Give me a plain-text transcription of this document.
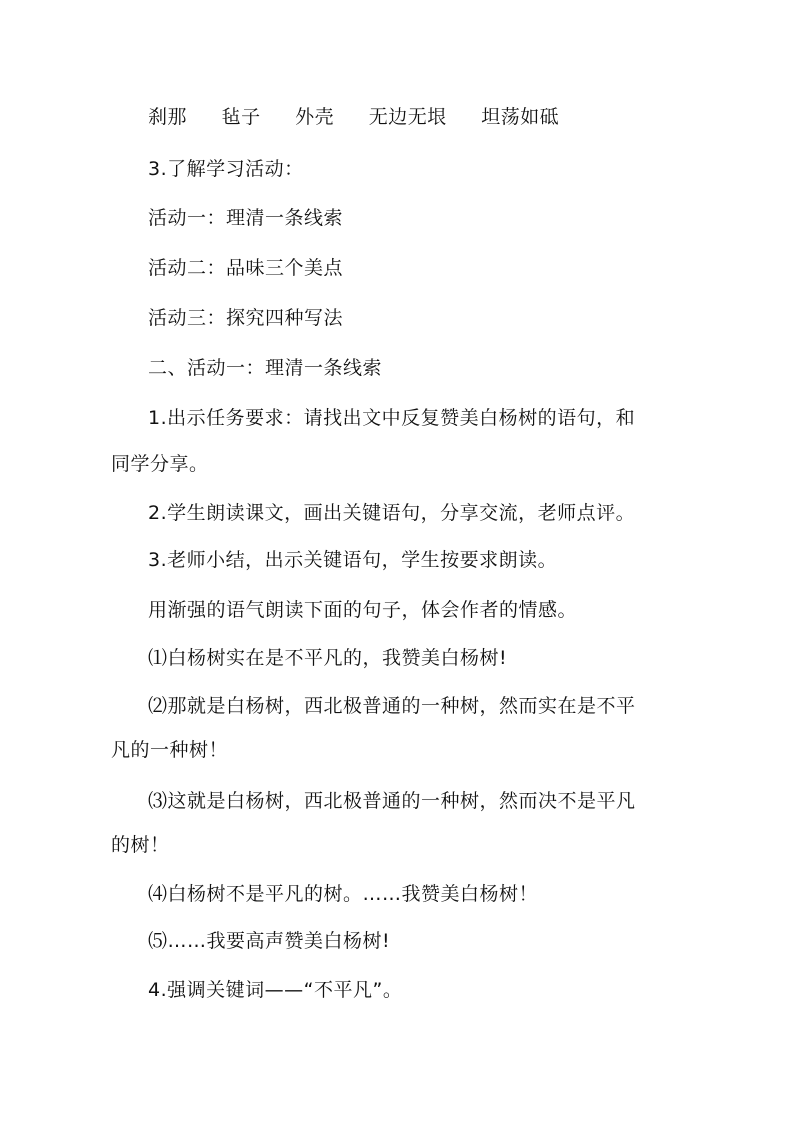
刹那 毡子 外壳 无边无垠 坦荡如砥
3.了解学习活动：
活动一：理清一条线索
活动二：品味三个美点
活动三：探究四种写法
二、活动一：理清一条线索
1.出示任务要求：请找出文中反复赞美白杨树的语句，和
同学分享。
2.学生朗读课文，画出关键语句，分享交流，老师点评。
3.老师小结，出示关键语句，学生按要求朗读。
用渐强的语气朗读下面的句子，体会作者的情感。
⑴白杨树实在是不平凡的，我赞美白杨树!
⑵那就是白杨树，西北极普通的一种树，然而实在是不平
凡的一种树！
⑶这就是白杨树，西北极普通的一种树，然而决不是平凡
的树！
⑷白杨树不是平凡的树。……我赞美白杨树！
⑸……我要高声赞美白杨树!
4.强调关键词——“不平凡”。
